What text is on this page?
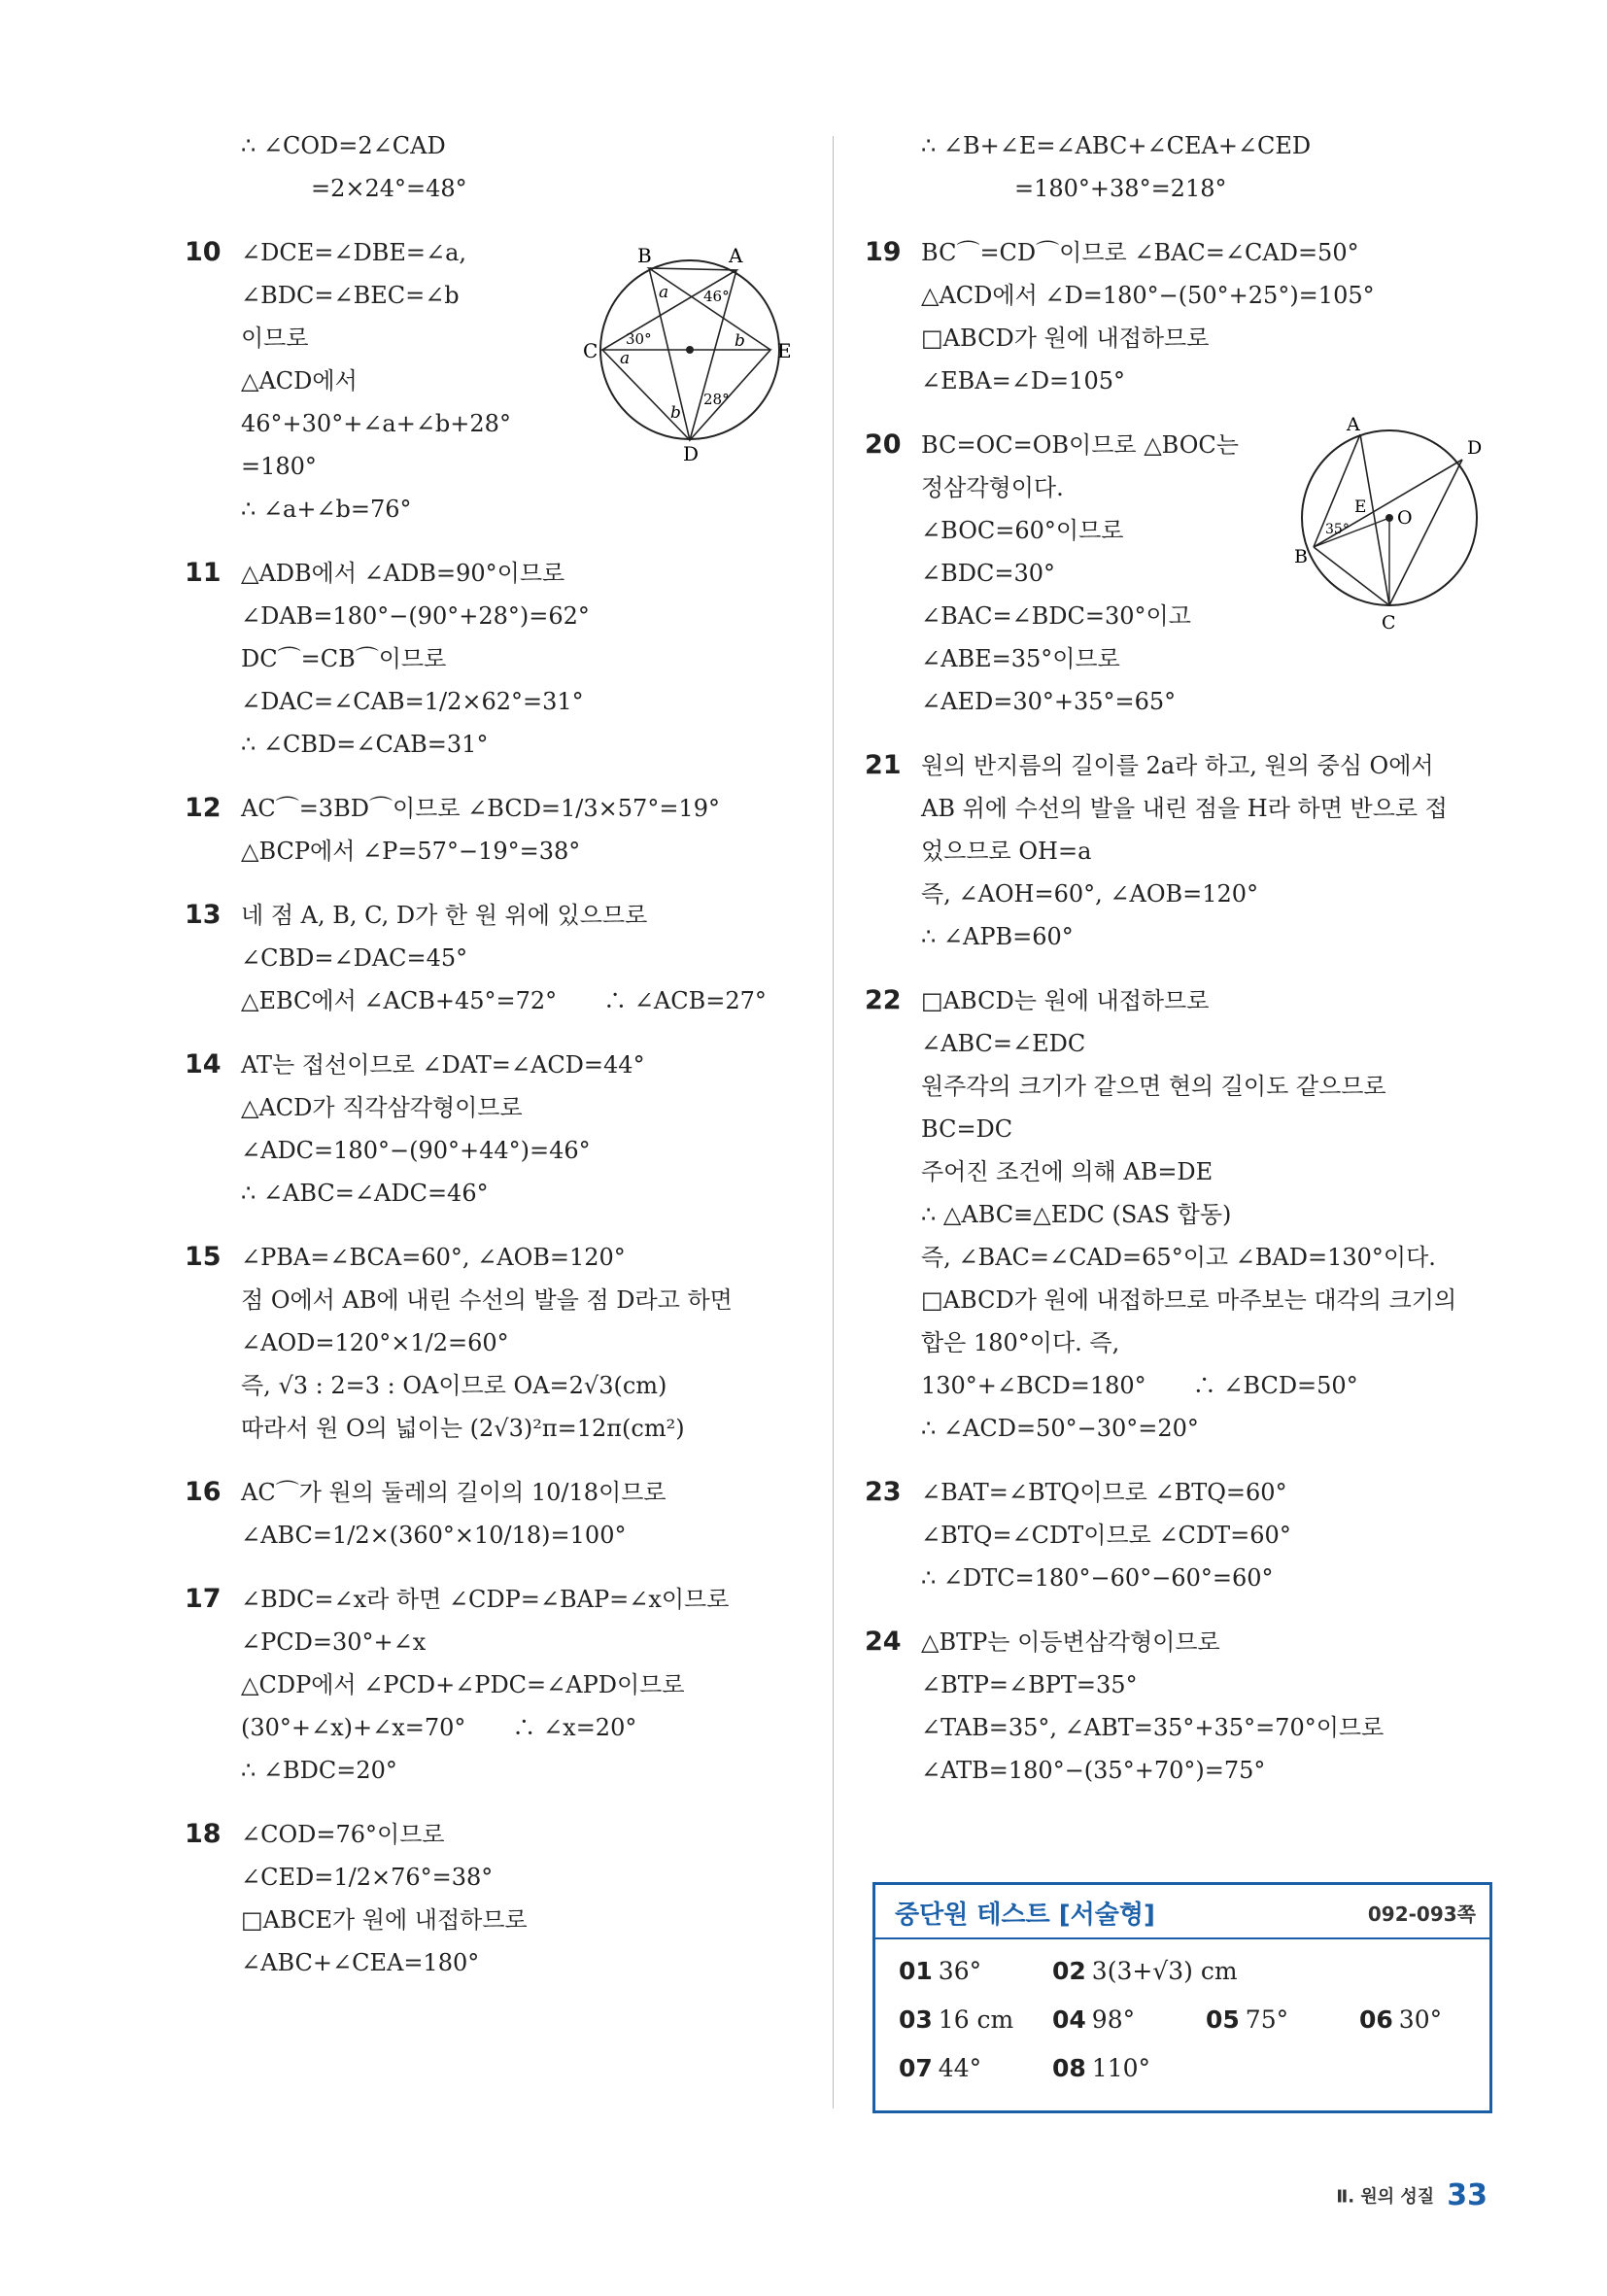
∴ ∠COD=2∠CAD
　　　=2×24°=48°
10 ∠DCE=∠DBE=∠a,
∠BDC=∠BEC=∠b
이므로
△ACD에서
46°+30°+∠a+∠b+28°
=180°
∴ ∠a+∠b=76°
11 △ADB에서 ∠ADB=90°이므로
∠DAB=180°−(90°+28°)=62°
DC⌒=CB⌒이므로
∠DAC=∠CAB=1/2×62°=31°
∴ ∠CBD=∠CAB=31°
12 AC⌒=3BD⌒이므로 ∠BCD=1/3×57°=19°
△BCP에서 ∠P=57°−19°=38°
13 네 점 A, B, C, D가 한 원 위에 있으므로
∠CBD=∠DAC=45°
△EBC에서 ∠ACB+45°=72°　　∴ ∠ACB=27°
14 AT는 접선이므로 ∠DAT=∠ACD=44°
△ACD가 직각삼각형이므로
∠ADC=180°−(90°+44°)=46°
∴ ∠ABC=∠ADC=46°
15 ∠PBA=∠BCA=60°, ∠AOB=120°
점 O에서 AB에 내린 수선의 발을 점 D라고 하면
∠AOD=120°×1/2=60°
즉, √3 : 2=3 : OA이므로 OA=2√3(cm)
따라서 원 O의 넓이는 (2√3)²π=12π(cm²)
16 AC⌒가 원의 둘레의 길이의 10/18이므로
∠ABC=1/2×(360°×10/18)=100°
17 ∠BDC=∠x라 하면 ∠CDP=∠BAP=∠x이므로
∠PCD=30°+∠x
△CDP에서 ∠PCD+∠PDC=∠APD이므로
(30°+∠x)+∠x=70°　　∴ ∠x=20°
∴ ∠BDC=20°
18 ∠COD=76°이므로
∠CED=1/2×76°=38°
□ABCE가 원에 내접하므로
∠ABC+∠CEA=180°
B	A
C	E
D
a 46°
30°
a
b
b
28°
∴ ∠B+∠E=∠ABC+∠CEA+∠CED
　　　　=180°+38°=218°
19 BC⌒=CD⌒이므로 ∠BAC=∠CAD=50°
△ACD에서 ∠D=180°−(50°+25°)=105°
□ABCD가 원에 내접하므로
∠EBA=∠D=105°
20 BC=OC=OB이므로 △BOC는
정삼각형이다.
∠BOC=60°이므로
∠BDC=30°
∠BAC=∠BDC=30°이고
∠ABE=35°이므로
∠AED=30°+35°=65°
21 원의 반지름의 길이를 2a라 하고, 원의 중심 O에서
AB 위에 수선의 발을 내린 점을 H라 하면 반으로 접
었으므로 OH=a
즉, ∠AOH=60°, ∠AOB=120°
∴ ∠APB=60°
22 □ABCD는 원에 내접하므로
∠ABC=∠EDC
원주각의 크기가 같으면 현의 길이도 같으므로
BC=DC
주어진 조건에 의해 AB=DE
∴ △ABC≡△EDC (SAS 합동)
즉, ∠BAC=∠CAD=65°이고 ∠BAD=130°이다.
□ABCD가 원에 내접하므로 마주보는 대각의 크기의
합은 180°이다. 즉,
130°+∠BCD=180°　　∴ ∠BCD=50°
∴ ∠ACD=50°−30°=20°
23 ∠BAT=∠BTQ이므로 ∠BTQ=60°
∠BTQ=∠CDT이므로 ∠CDT=60°
∴ ∠DTC=180°−60°−60°=60°
24 △BTP는 이등변삼각형이므로
∠BTP=∠BPT=35°
∠TAB=35°, ∠ABT=35°+35°=70°이므로
∠ATB=180°−(35°+70°)=75°
A
D
E O
35°
B
C
중단원 테스트 [서술형]	092-093쪽
01 36°	02 3(3+√3) cm
03 16 cm 04 98°	05 75°	06 30°
07 44°	08 110°
Ⅱ. 원의 성질 33
